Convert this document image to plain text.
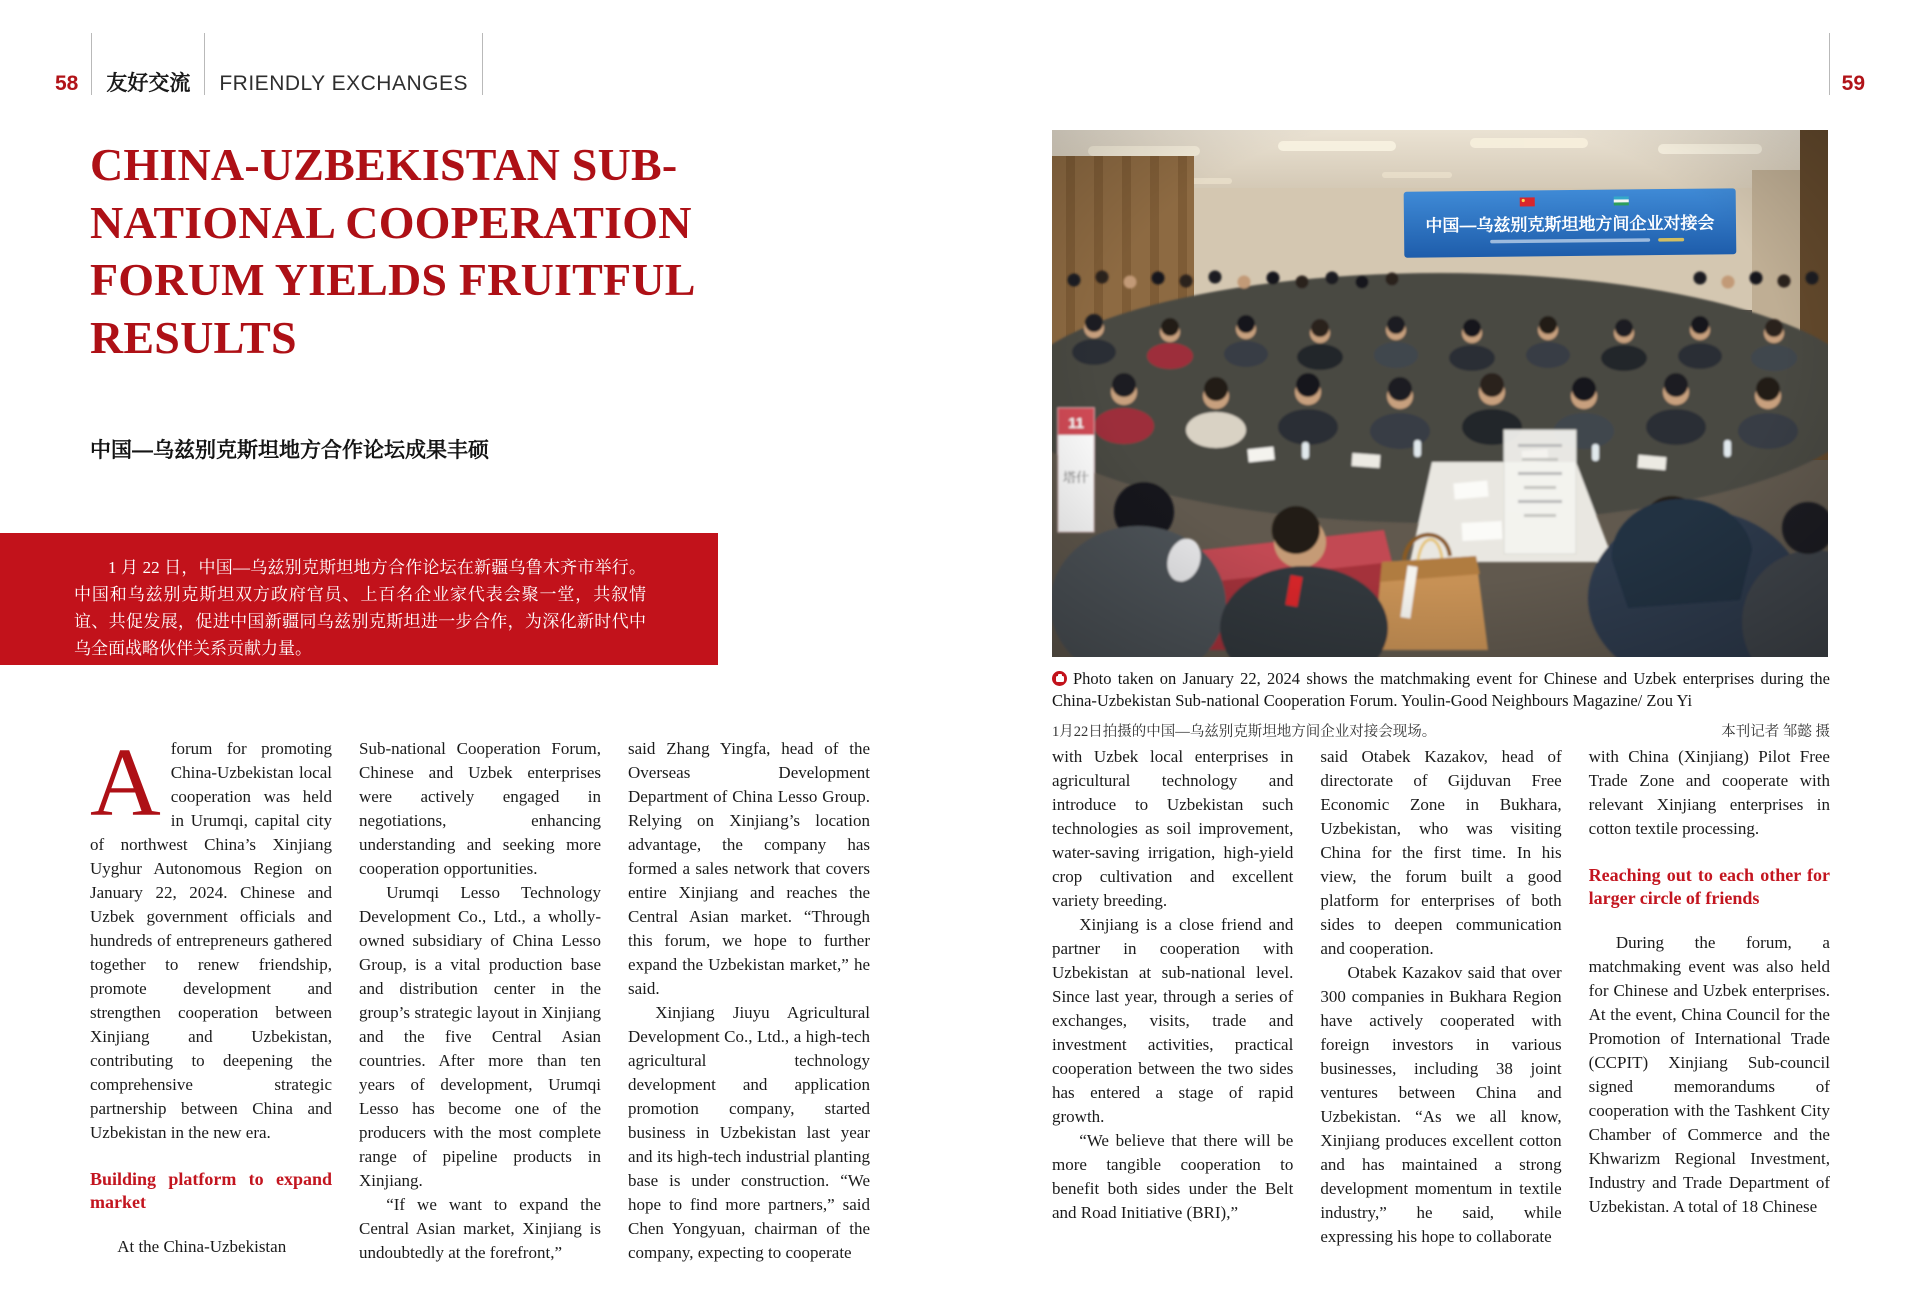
58 友好交流 FRIENDLY EXCHANGES	59
CHINA-UZBEKISTAN SUB-
NATIONAL COOPERATION
FORUM YIELDS FRUITFUL
RESULTS
中国—乌兹别克斯坦地方合作论坛成果丰硕

1 月 22 日，中国—乌兹别克斯坦地方合作论坛在新疆乌鲁木齐市举行。中国和乌兹别克斯坦双方政府官员、上百名企业家代表会聚一堂，共叙情谊、共促发展，促进中国新疆同乌兹别克斯坦进一步合作，为深化新时代中乌全面战略伙伴关系贡献力量。

本刊记者 米日古力·吾 黑宏伟

Aforum for promoting China-Uzbekistan local cooperation was held in Urumqi, capital city of northwest China’s Xinjiang Uyghur Autonomous Region on January 22, 2024. Chinese and Uzbek government officials and hundreds of entrepreneurs gathered together to renew friendship, promote development and strengthen cooperation between Xinjiang and Uzbekistan, contributing to deepening the comprehensive strategic partnership between China and Uzbekistan in the new era.

Building platform to expand market

At the China-Uzbekistan

Sub-national Cooperation Forum, Chinese and Uzbek enterprises were actively engaged in negotiations, enhancing understanding and seeking more cooperation opportunities.

Urumqi Lesso Technology Development Co., Ltd., a wholly-owned subsidiary of China Lesso Group, is a vital production base and distribution center in the group’s strategic layout in Xinjiang and the five Central Asian countries. After more than ten years of development, Urumqi Lesso has become one of the producers with the most complete range of pipeline products in Xinjiang.

“If we want to expand the Central Asian market, Xinjiang is undoubtedly at the forefront,”

said Zhang Yingfa, head of the Overseas Development Department of China Lesso Group. Relying on Xinjiang’s location advantage, the company has formed a sales network that covers entire Xinjiang and reaches the Central Asian market. “Through this forum, we hope to further expand the Uzbekistan market,” he said.

Xinjiang Jiuyu Agricultural Development Co., Ltd., a high-tech agricultural technology development and application promotion company, started business in Uzbekistan last year and its high-tech industrial planting base is under construction. “We hope to find more partners,” said Chen Yongyuan, chairman of the company, expecting to cooperate

Photo taken on January 22, 2024 shows the matchmaking event for Chinese and Uzbek enterprises during the China-Uzbekistan Sub-national Cooperation Forum. Youlin-Good Neighbours Magazine/ Zou Yi
1月22日拍摄的中国—乌兹别克斯坦地方间企业对接会现场。	本刊记者 邹懿 摄

with Uzbek local enterprises in agricultural technology and introduce to Uzbekistan such technologies as soil improvement, water-saving irrigation, high-yield crop cultivation and excellent variety breeding.

Xinjiang is a close friend and partner in cooperation with Uzbekistan at sub-national level. Since last year, through a series of exchanges, visits, trade and investment activities, practical cooperation between the two sides has entered a stage of rapid growth.

“We believe that there will be more tangible cooperation to benefit both sides under the Belt and Road Initiative (BRI),”

said Otabek Kazakov, head of directorate of Gijduvan Free Economic Zone in Bukhara, Uzbekistan, who was visiting China for the first time. In his view, the forum built a good platform for enterprises of both sides to deepen communication and cooperation.

Otabek Kazakov said that over 300 companies in Bukhara Region have actively cooperated with foreign investors in various businesses, including 38 joint ventures between China and Uzbekistan. “As we all know, Xinjiang produces excellent cotton and has maintained a strong development momentum in textile industry,” he said, while expressing his hope to collaborate

with China (Xinjiang) Pilot Free Trade Zone and cooperate with relevant Xinjiang enterprises in cotton textile processing.

Reaching out to each other for larger circle of friends

During the forum, a matchmaking event was also held for Chinese and Uzbek enterprises. At the event, China Council for the Promotion of International Trade (CCPIT) Xinjiang Sub-council signed memorandums of cooperation with the Tashkent City Chamber of Commerce and the Khwarizm Regional Investment, Industry and Trade Department of Uzbekistan. A total of 18 Chinese
